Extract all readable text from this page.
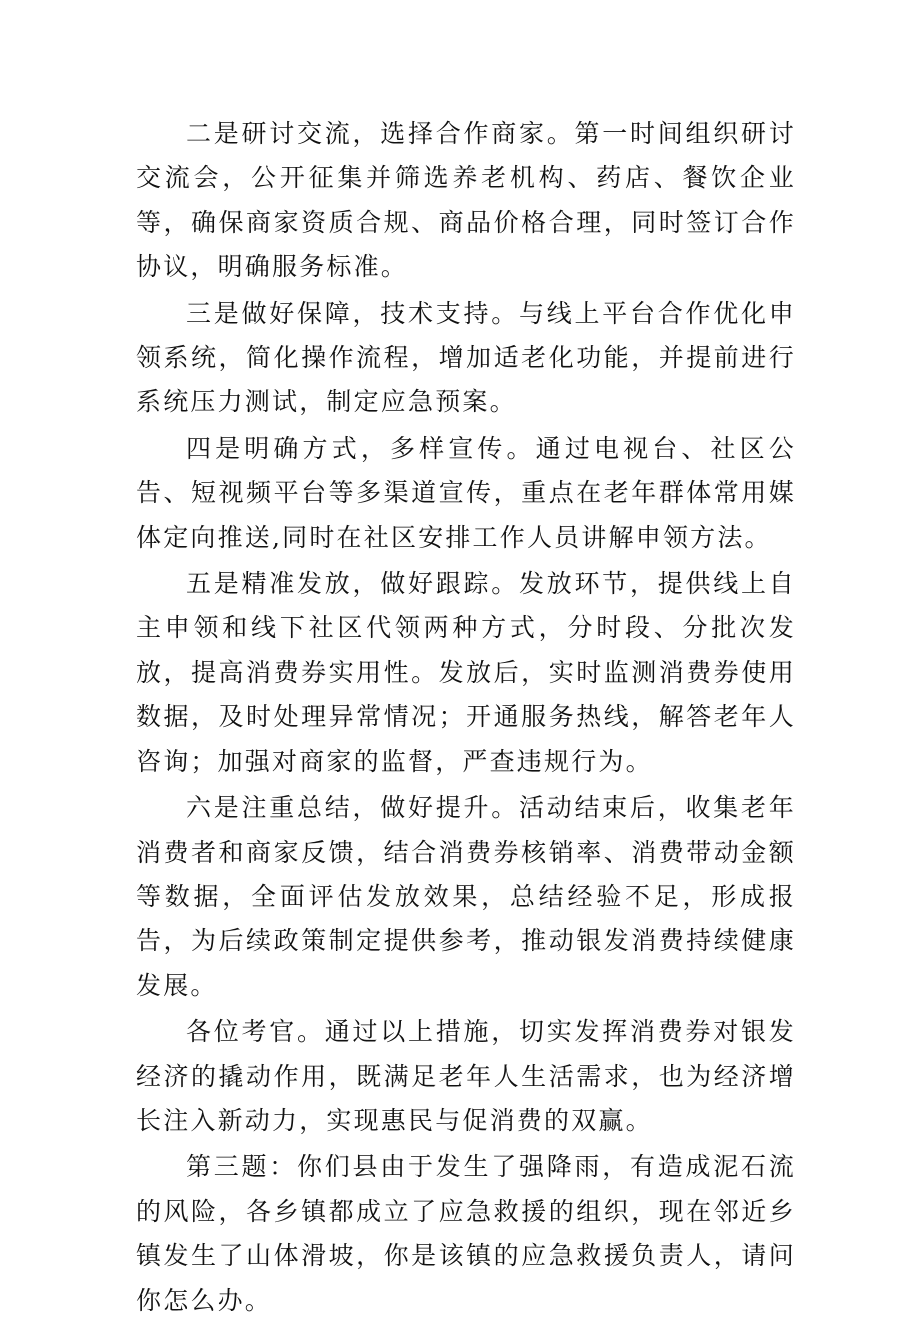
二是研讨交流，选择合作商家。第一时间组织研讨交流会，公开征集并筛选养老机构、药店、餐饮企业等，确保商家资质合规、商品价格合理，同时签订合作协议，明确服务标准。

三是做好保障，技术支持。与线上平台合作优化申领系统，简化操作流程，增加适老化功能，并提前进行系统压力测试，制定应急预案。

四是明确方式，多样宣传。通过电视台、社区公告、短视频平台等多渠道宣传，重点在老年群体常用媒体定向推送,同时在社区安排工作人员讲解申领方法。

五是精准发放，做好跟踪。发放环节，提供线上自主申领和线下社区代领两种方式，分时段、分批次发放，提高消费券实用性。发放后，实时监测消费券使用数据，及时处理异常情况；开通服务热线，解答老年人咨询；加强对商家的监督，严查违规行为。

六是注重总结，做好提升。活动结束后，收集老年消费者和商家反馈，结合消费券核销率、消费带动金额等数据，全面评估发放效果，总结经验不足，形成报告，为后续政策制定提供参考，推动银发消费持续健康发展。

各位考官。通过以上措施，切实发挥消费券对银发经济的撬动作用，既满足老年人生活需求，也为经济增长注入新动力，实现惠民与促消费的双赢。

第三题：你们县由于发生了强降雨，有造成泥石流的风险，各乡镇都成立了应急救援的组织，现在邻近乡镇发生了山体滑坡，你是该镇的应急救援负责人，请问你怎么办。
